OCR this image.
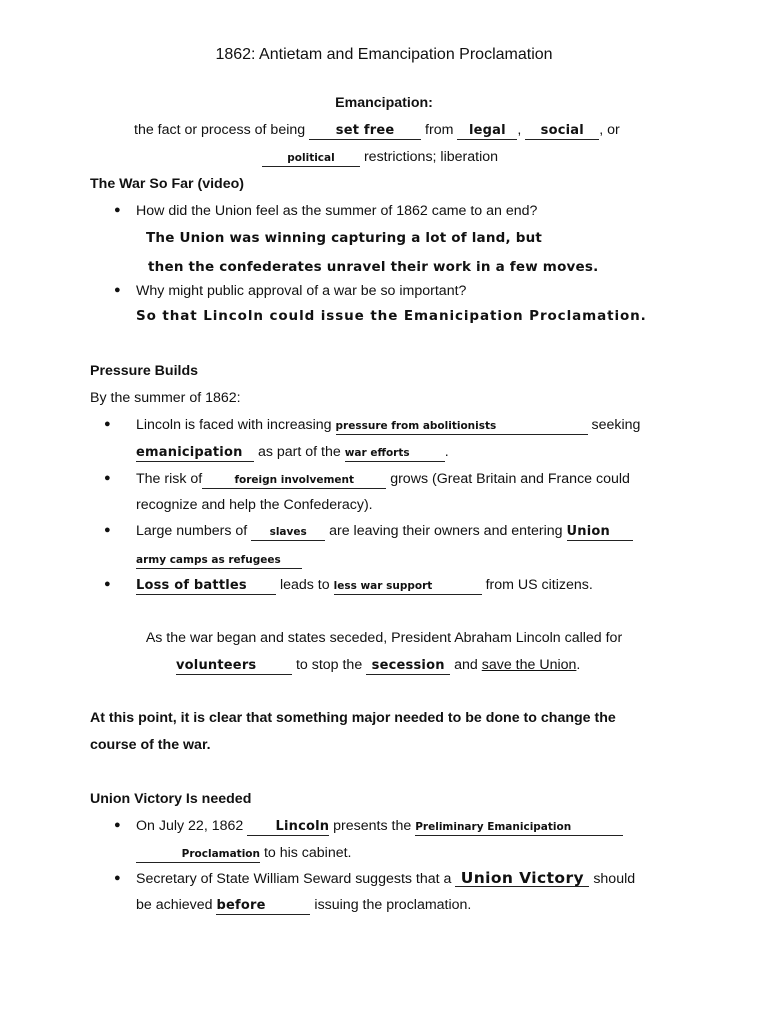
1862: Antietam and Emancipation Proclamation
Emancipation:
the fact or process of being set free from legal , social , or
political restrictions; liberation
The War So Far (video)
● How did the Union feel as the summer of 1862 came to an end?
The Union was winning capturing a lot of land, but
then the confederates unravel their work in a few moves.
● Why might public approval of a war be so important?
So that Lincoln could issue the Emanicipation Proclamation.
Pressure Builds
By the summer of 1862:
● Lincoln is faced with increasing pressure from abolitionists	seeking
emanicipation as part of the war efforts .
● The risk of	foreign involvement	grows (Great Britain and France could
recognize and help the Confederacy).
● Large numbers of slaves are leaving their owners and entering Union
army camps as refugees
● Loss of battles leads to less war support	from US citizens.
As the war began and states seceded, President Abraham Lincoln called for
volunteers	to stop the secession and save the Union.
At this point, it is clear that something major needed to be done to change the
course of the war.
Union Victory Is needed
● On July 22, 1862 Lincoln presents the Preliminary Emanicipation
Proclamation to his cabinet.
● Secretary of State William Seward suggests that a Union Victory should
be achieved before	issuing the proclamation.
